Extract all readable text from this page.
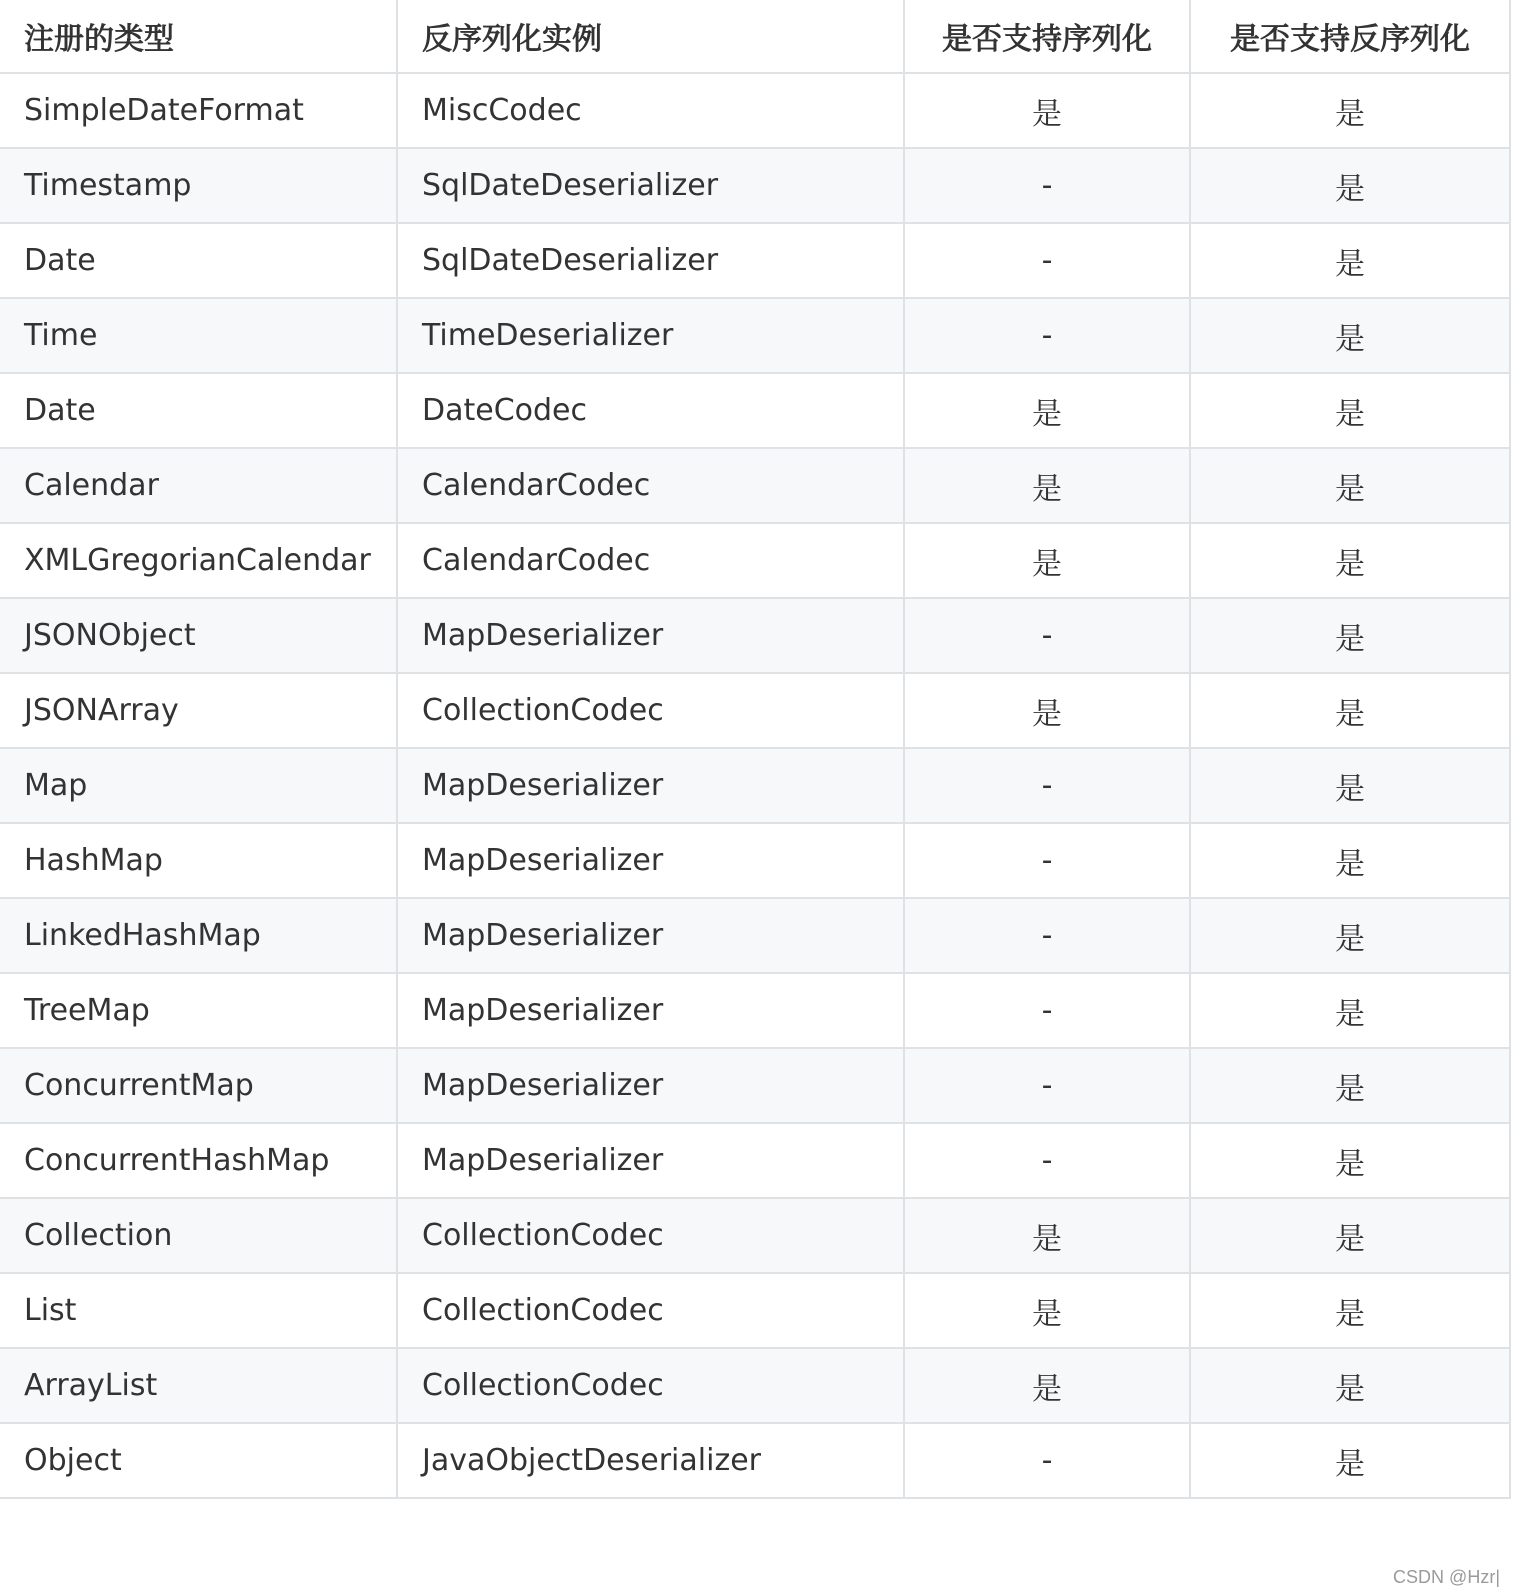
注册的类型	反序列化实例	是否支持序列化	是否支持反序列化
SimpleDateFormat	MiscCodec	是	是
Timestamp	SqlDateDeserializer	-	是
Date	SqlDateDeserializer	-	是
Time	TimeDeserializer	-	是
Date	DateCodec	是	是
Calendar	CalendarCodec	是	是
XMLGregorianCalendar	CalendarCodec	是	是
JSONObject	MapDeserializer	-	是
JSONArray	CollectionCodec	是	是
Map	MapDeserializer	-	是
HashMap	MapDeserializer	-	是
LinkedHashMap	MapDeserializer	-	是
TreeMap	MapDeserializer	-	是
ConcurrentMap	MapDeserializer	-	是
ConcurrentHashMap	MapDeserializer	-	是
Collection	CollectionCodec	是	是
List	CollectionCodec	是	是
ArrayList	CollectionCodec	是	是
Object	JavaObjectDeserializer	-	是
CSDN @Hzr|
